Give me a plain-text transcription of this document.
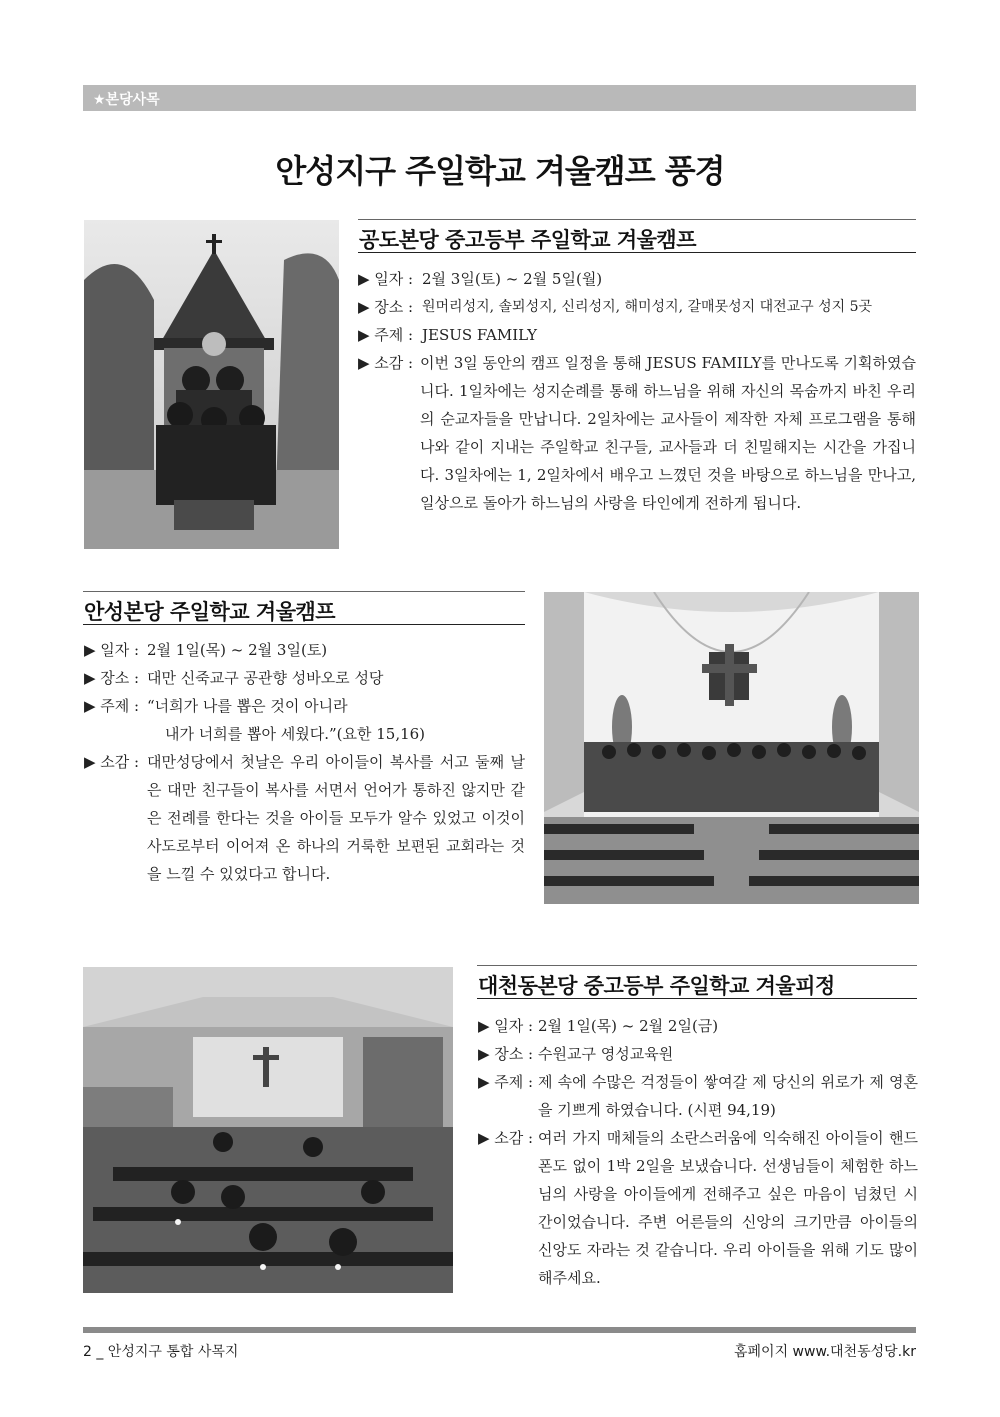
★본당사목
안성지구 주일학교 겨울캠프 풍경
공도본당 중고등부 주일학교 겨울캠프
▶ 일자 : 2월 3일(토) ~ 2월 5일(월)
▶ 장소 : 원머리성지, 솔뫼성지, 신리성지, 해미성지, 갈매못성지 대전교구 성지 5곳
▶ 주제 : JESUS FAMILY
▶ 소감 : 이번 3일 동안의 캠프 일정을 통해 JESUS FAMILY를 만나도록 기획하였습니다. 1일차에는 성지순례를 통해 하느님을 위해 자신의 목숨까지 바친 우리의 순교자들을 만납니다. 2일차에는 교사들이 제작한 자체 프로그램을 통해 나와 같이 지내는 주일학교 친구들, 교사들과 더 친밀해지는 시간을 가집니다. 3일차에는 1, 2일차에서 배우고 느꼈던 것을 바탕으로 하느님을 만나고, 일상으로 돌아가 하느님의 사랑을 타인에게 전하게 됩니다.
안성본당 주일학교 겨울캠프
▶ 일자 : 2월 1일(목) ~ 2월 3일(토)
▶ 장소 : 대만 신죽교구 공관향 성바오로 성당
▶ 주제 : “너희가 나를 뽑은 것이 아니라
내가 너희를 뽑아 세웠다.”(요한 15,16)
▶ 소감 : 대만성당에서 첫날은 우리 아이들이 복사를 서고 둘째 날은 대만 친구들이 복사를 서면서 언어가 통하진 않지만 같은 전례를 한다는 것을 아이들 모두가 알수 있었고 이것이 사도로부터 이어져 온 하나의 거룩한 보편된 교회라는 것을 느낄 수 있었다고 합니다.
대천동본당 중고등부 주일학교 겨울피정
▶ 일자 : 2월 1일(목) ~ 2월 2일(금)
▶ 장소 : 수원교구 영성교육원
▶ 주제 : 제 속에 수많은 걱정들이 쌓여갈 제 당신의 위로가 제 영혼을 기쁘게 하였습니다. (시편 94,19)
▶ 소감 : 여러 가지 매체들의 소란스러움에 익숙해진 아이들이 핸드폰도 없이 1박 2일을 보냈습니다. 선생님들이 체험한 하느님의 사랑을 아이들에게 전해주고 싶은 마음이 넘쳤던 시간이었습니다. 주변 어른들의 신앙의 크기만큼 아이들의 신앙도 자라는 것 같습니다. 우리 아이들을 위해 기도 많이 해주세요.
2 _ 안성지구 통합 사목지	홈페이지 www.대천동성당.kr
